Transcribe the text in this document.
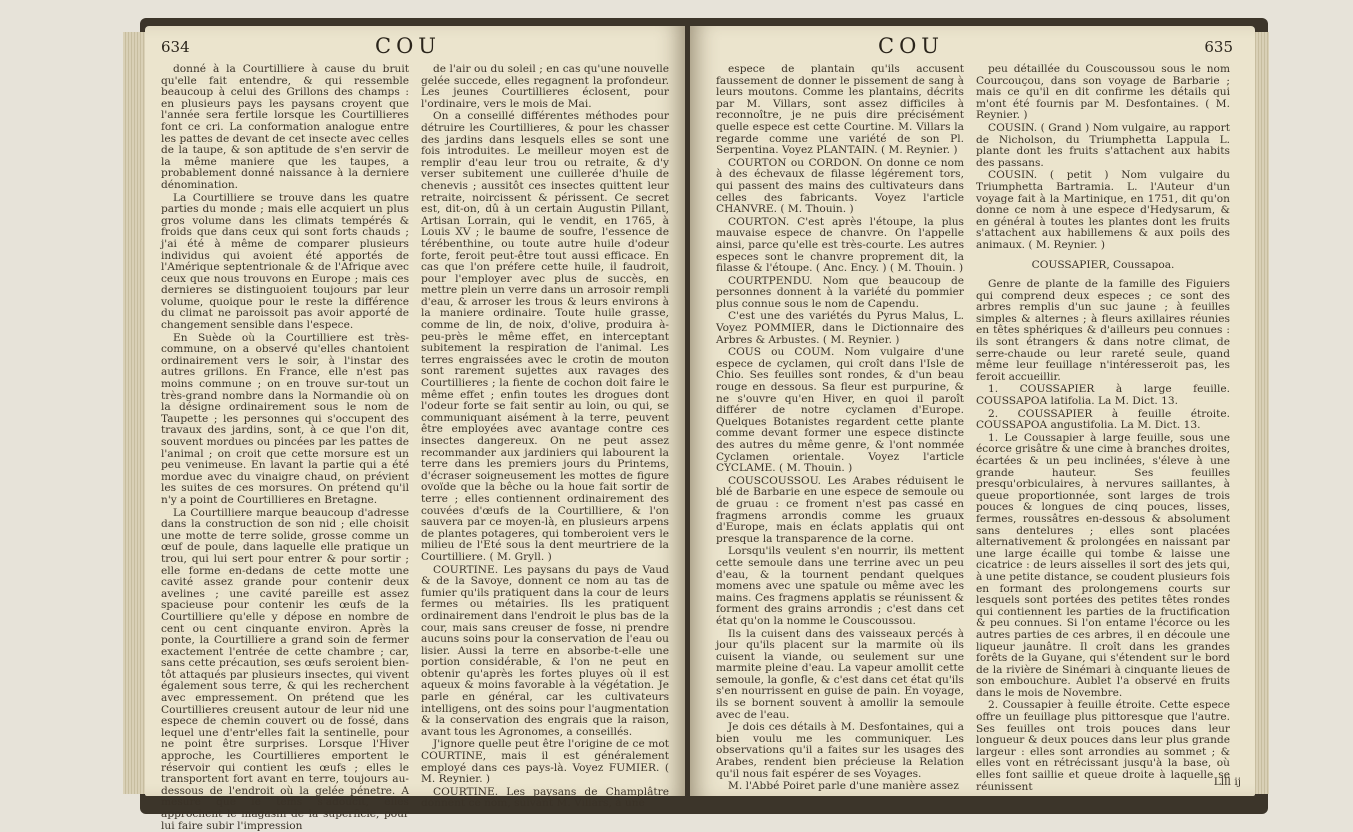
634	COU

donné à la Courtilliere à cause du bruit qu'elle fait entendre, & qui ressemble beaucoup à celui des Grillons des champs : en plusieurs pays les paysans croyent que l'année sera fertile lorsque les Courtillieres font ce cri. La conformation analogue entre les pattes de devant de cet insecte avec celles de la taupe, & son aptitude de s'en servir de la même maniere que les taupes, a probablement donné naissance à la derniere dénomination.

La Courtilliere se trouve dans les quatre parties du monde ; mais elle acquiert un plus gros volume dans les climats tempérés & froids que dans ceux qui sont forts chauds ; j'ai été à même de comparer plusieurs individus qui avoient été apportés de l'Amérique septentrionale & de l'Afrique avec ceux que nous trouvons en Europe ; mais ces dernieres se distinguoient toujours par leur volume, quoique pour le reste la différence du climat ne paroissoit pas avoir apporté de changement sensible dans l'espece.

En Suède où la Courtilliere est très-commune, on a observé qu'elles chantoient ordinairement vers le soir, à l'instar des autres grillons. En France, elle n'est pas moins commune ; on en trouve sur-tout un très-grand nombre dans la Normandie où on la désigne ordinairement sous le nom de Taupette ; les personnes qui s'occupent des travaux des jardins, sont, à ce que l'on dit, souvent mordues ou pincées par les pattes de l'animal ; on croit que cette morsure est un peu venimeuse. En lavant la partie qui a été mordue avec du vinaigre chaud, on prévient les suites de ces morsures. On prétend qu'il n'y a point de Courtillieres en Bretagne.

La Courtilliere marque beaucoup d'adresse dans la construction de son nid ; elle choisit une motte de terre solide, grosse comme un œuf de poule, dans laquelle elle pratique un trou, qui lui sert pour entrer & pour sortir ; elle forme en-dedans de cette motte une cavité assez grande pour contenir deux avelines ; une cavité pareille est assez spacieuse pour contenir les œufs de la Courtilliere qu'elle y dépose en nombre de cent ou cent cinquante environ. Après la ponte, la Courtilliere a grand soin de fermer exactement l'entrée de cette chambre ; car, sans cette précaution, ses œufs seroient bien-tôt attaqués par plusieurs insectes, qui vivent également sous terre, & qui les recherchent avec empressement. On prétend que les Courtillieres creusent autour de leur nid une espece de chemin couvert ou de fossé, dans lequel une d'entr'elles fait la sentinelle, pour ne point être surprises. Lorsque l'Hiver approche, les Courtillieres emportent le réservoir qui contient les œufs ; elles le transportent fort avant en terre, toujours au-dessous de l'endroit où la gelée pénetre. A mesure que le tems s'adoucit, elles approchent le magasin de la superficie, pour lui faire subir l'impression

de l'air ou du soleil ; en cas qu'une nouvelle gelée succede, elles regagnent la profondeur. Les jeunes Courtillieres éclosent, pour l'ordinaire, vers le mois de Mai.

On a conseillé différentes méthodes pour détruire les Courtillieres, & pour les chasser des jardins dans lesquels elles se sont une fois introduites. Le meilleur moyen est de remplir d'eau leur trou ou retraite, & d'y verser subitement une cuillerée d'huile de chenevis ; aussitôt ces insectes quittent leur retraite, noircissent & périssent. Ce secret est, dit-on, dû à un certain Augustin Pillant, Artisan Lorrain, qui le vendit, en 1765, à Louis XV ; le baume de soufre, l'essence de térébenthine, ou toute autre huile d'odeur forte, feroit peut-être tout aussi efficace. En cas que l'on préfere cette huile, il faudroit, pour l'employer avec plus de succès, en mettre plein un verre dans un arrosoir rempli d'eau, & arroser les trous & leurs environs à la maniere ordinaire. Toute huile grasse, comme de lin, de noix, d'olive, produira à-peu-près le même effet, en interceptant subitement la respiration de l'animal. Les terres engraissées avec le crotin de mouton sont rarement sujettes aux ravages des Courtillieres ; la fiente de cochon doit faire le même effet ; enfin toutes les drogues dont l'odeur forte se fait sentir au loin, ou qui, se communiquant aisément à la terre, peuvent être employées avec avantage contre ces insectes dangereux. On ne peut assez recommander aux jardiniers qui labourent la terre dans les premiers jours du Printems, d'écraser soigneusement les mottes de figure ovoïde que la bêche ou la houe fait sortir de terre ; elles contiennent ordinairement des couvées d'œufs de la Courtilliere, & l'on sauvera par ce moyen-là, en plusieurs arpens de plantes potageres, qui tomberoient vers le milieu de l'Eté sous la dent meurtriere de la Courtilliere. ( M. Gryll. )

COURTINE. Les paysans du pays de Vaud & de la Savoye, donnent ce nom au tas de fumier qu'ils pratiquent dans la cour de leurs fermes ou métairies. Ils les pratiquent ordinairement dans l'endroit le plus bas de la cour, mais sans creuser de fosse, ni prendre aucuns soins pour la conservation de l'eau ou lisier. Aussi la terre en absorbe-t-elle une portion considérable, & l'on ne peut en obtenir qu'après les fortes pluyes où il est aqueux & moins favorable à la végétation. Je parle en général, car les cultivateurs intelligens, ont des soins pour l'augmentation & la conservation des engrais que la raison, avant tous les Agronomes, a conseillés.

J'ignore quelle peut être l'origine de ce mot COURTINE, mais il est généralement employé dans ces pays-là. Voyez FUMIER. ( M. Reynier. )

COURTINE. Les paysans de Champlâtre donnent ce nom, suivant M. Villars, à une

COU	635

espece de plantain qu'ils accusent faussement de donner le pissement de sang à leurs moutons. Comme les plantains, décrits par M. Villars, sont assez difficiles à reconnoître, je ne puis dire précisément quelle espece est cette Courtine. M. Villars la regarde comme une variété de son Pl. Serpentina. Voyez PLANTAIN. ( M. Reynier. )

COURTON ou CORDON. On donne ce nom à des échevaux de filasse légérement tors, qui passent des mains des cultivateurs dans celles des fabricants. Voyez l'article CHANVRE. ( M. Thouin. )

COURTON. C'est après l'étoupe, la plus mauvaise espece de chanvre. On l'appelle ainsi, parce qu'elle est très-courte. Les autres especes sont le chanvre proprement dit, la filasse & l'étoupe. ( Anc. Ency. ) ( M. Thouin. )

COURTPENDU. Nom que beaucoup de personnes donnent à la variété du pommier plus connue sous le nom de Capendu.

C'est une des variétés du Pyrus Malus, L. Voyez POMMIER, dans le Dictionnaire des Arbres & Arbustes. ( M. Reynier. )

COUS ou COUM. Nom vulgaire d'une espece de cyclamen, qui croît dans l'Isle de Chio. Ses feuilles sont rondes, & d'un beau rouge en dessous. Sa fleur est purpurine, & ne s'ouvre qu'en Hiver, en quoi il paroît différer de notre cyclamen d'Europe. Quelques Botanistes regardent cette plante comme devant former une espece distincte des autres du même genre, & l'ont nommée Cyclamen orientale. Voyez l'article CYCLAME. ( M. Thouin. )

COUSCOUSSOU. Les Arabes réduisent le blé de Barbarie en une espece de semoule ou de gruau : ce froment n'est pas cassé en fragmens arrondis comme les gruaux d'Europe, mais en éclats applatis qui ont presque la transparence de la corne.

Lorsqu'ils veulent s'en nourrir, ils mettent cette semoule dans une terrine avec un peu d'eau, & la tournent pendant quelques momens avec une spatule ou même avec les mains. Ces fragmens applatis se réunissent & forment des grains arrondis ; c'est dans cet état qu'on la nomme le Couscoussou.

Ils la cuisent dans des vaisseaux percés à jour qu'ils placent sur la marmite où ils cuisent la viande, ou seulement sur une marmite pleine d'eau. La vapeur amollit cette semoule, la gonfle, & c'est dans cet état qu'ils s'en nourrissent en guise de pain. En voyage, ils se bornent souvent à amollir la semoule avec de l'eau.

Je dois ces détails à M. Desfontaines, qui a bien voulu me les communiquer. Les observations qu'il a faites sur les usages des Arabes, rendent bien précieuse la Relation qu'il nous fait espérer de ses Voyages.

M. l'Abbé Poiret parle d'une manière assez

peu détaillée du Couscoussou sous le nom Courcouçou, dans son voyage de Barbarie ; mais ce qu'il en dit confirme les détails qui m'ont été fournis par M. Desfontaines. ( M. Reynier. )

COUSIN. ( Grand ) Nom vulgaire, au rapport de Nicholson, du Triumphetta Lappula L. plante dont les fruits s'attachent aux habits des passans.

COUSIN. ( petit ) Nom vulgaire du Triumphetta Bartramia. L. l'Auteur d'un voyage fait à la Martinique, en 1751, dit qu'on donne ce nom à une espece d'Hedysarum, & en général à toutes les plantes dont les fruits s'attachent aux habillemens & aux poils des animaux. ( M. Reynier. )

COUSSAPIER, Coussapoa.

Genre de plante de la famille des Figuiers qui comprend deux especes ; ce sont des arbres remplis d'un suc jaune ; à feuilles simples & alternes ; à fleurs axillaires réunies en têtes sphériques & d'ailleurs peu connues : ils sont étrangers & dans notre climat, de serre-chaude ou leur rareté seule, quand même leur feuillage n'intéresseroit pas, les feroit accueillir.

1. COUSSAPIER à large feuille. COUSSAPOA latifolia. La M. Dict. 13.

2. COUSSAPIER à feuille étroite. COUSSAPOA angustifolia. La M. Dict. 13.

1. Le Coussapier à large feuille, sous une écorce grisâtre & une cime à branches droites, écartées & un peu inclinées, s'éleve à une grande hauteur. Ses feuilles presqu'orbiculaires, à nervures saillantes, à queue proportionnée, sont larges de trois pouces & longues de cinq pouces, lisses, fermes, roussâtres en-dessous & absolument sans dentelures ; elles sont placées alternativement & prolongées en naissant par une large écaille qui tombe & laisse une cicatrice : de leurs aisselles il sort des jets qui, à une petite distance, se coudent plusieurs fois en formant des prolongemens courts sur lesquels sont portées des petites têtes rondes qui contiennent les parties de la fructification & peu connues. Si l'on entame l'écorce ou les autres parties de ces arbres, il en découle une liqueur jaunâtre. Il croît dans les grandes forêts de la Guyane, qui s'étendent sur le bord de la rivière de Sinémari à cinquante lieues de son embouchure. Aublet l'a observé en fruits dans le mois de Novembre.

2. Coussapier à feuille étroite. Cette espece offre un feuillage plus pittoresque que l'autre. Ses feuilles ont trois pouces dans leur longueur & deux pouces dans leur plus grande largeur : elles sont arrondies au sommet ; & elles vont en rétrécissant jusqu'à la base, où elles font saillie et queue droite à laquelle se réunissent	Llll ij
